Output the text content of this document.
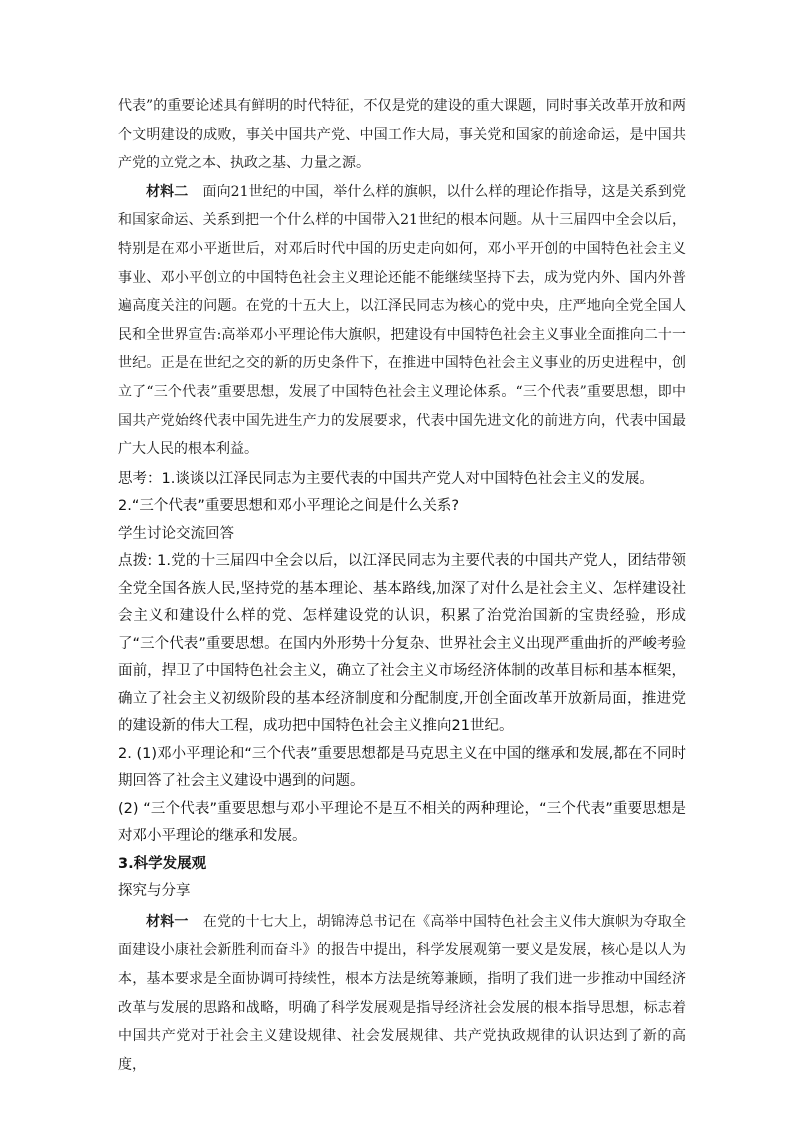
代表”的重要论述具有鲜明的时代特征，不仅是党的建设的重大课题，同时事关改革开放和两个文明建设的成败，事关中国共产党、中国工作大局，事关党和国家的前途命运，是中国共产党的立党之本、执政之基、力量之源。

材料二　面向21世纪的中国，举什么样的旗帜，以什么样的理论作指导，这是关系到党和国家命运、关系到把一个什么样的中国带入21世纪的根本问题。从十三届四中全会以后，特别是在邓小平逝世后，对邓后时代中国的历史走向如何，邓小平开创的中国特色社会主义事业、邓小平创立的中国特色社会主义理论还能不能继续坚持下去，成为党内外、国内外普遍高度关注的问题。在党的十五大上，以江泽民同志为核心的党中央，庄严地向全党全国人民和全世界宣告:高举邓小平理论伟大旗帜，把建设有中国特色社会主义事业全面推向二十一世纪。正是在世纪之交的新的历史条件下，在推进中国特色社会主义事业的历史进程中，创立了“三个代表”重要思想，发展了中国特色社会主义理论体系。“三个代表”重要思想，即中国共产党始终代表中国先进生产力的发展要求，代表中国先进文化的前进方向，代表中国最广大人民的根本利益。

思考：1.谈谈以江泽民同志为主要代表的中国共产党人对中国特色社会主义的发展。

2.“三个代表”重要思想和邓小平理论之间是什么关系?

学生讨论交流回答

点拨: 1.党的十三届四中全会以后，以江泽民同志为主要代表的中国共产党人，团结带领全党全国各族人民,坚持党的基本理论、基本路线,加深了对什么是社会主义、怎样建设社会主义和建设什么样的党、怎样建设党的认识，积累了治党治国新的宝贵经验，形成了“三个代表”重要思想。在国内外形势十分复杂、世界社会主义出现严重曲折的严峻考验面前，捍卫了中国特色社会主义，确立了社会主义市场经济体制的改革目标和基本框架，确立了社会主义初级阶段的基本经济制度和分配制度,开创全面改革开放新局面，推进党的建设新的伟大工程，成功把中国特色社会主义推向21世纪。

2. (1)邓小平理论和“三个代表”重要思想都是马克思主义在中国的继承和发展,都在不同时期回答了社会主义建设中遇到的问题。

(2) “三个代表”重要思想与邓小平理论不是互不相关的两种理论，“三个代表”重要思想是对邓小平理论的继承和发展。

3.科学发展观

探究与分享

材料一　在党的十七大上，胡锦涛总书记在《高举中国特色社会主义伟大旗帜为夺取全面建设小康社会新胜利而奋斗》的报告中提出，科学发展观第一要义是发展，核心是以人为本，基本要求是全面协调可持续性，根本方法是统筹兼顾，指明了我们进一步推动中国经济改革与发展的思路和战略，明确了科学发展观是指导经济社会发展的根本指导思想，标志着中国共产党对于社会主义建设规律、社会发展规律、共产党执政规律的认识达到了新的高度，
